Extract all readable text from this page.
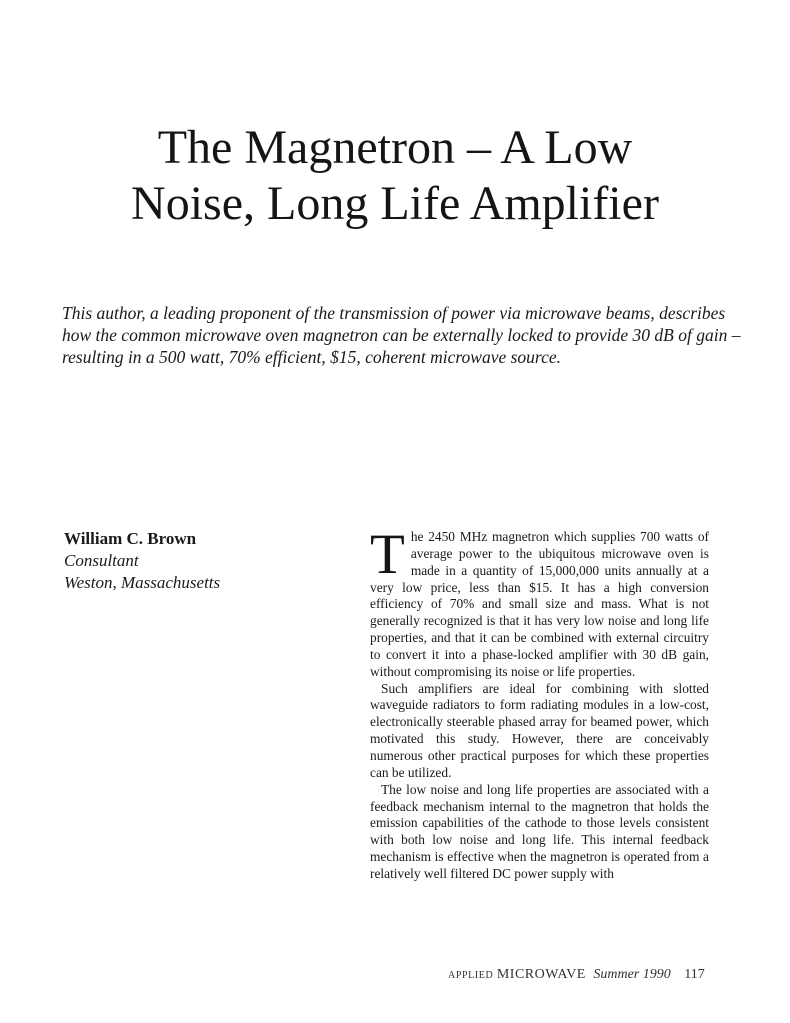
The Magnetron – A Low
Noise, Long Life Amplifier

This author, a leading proponent of the transmission of power via microwave beams, describes how the common microwave oven magnetron can be externally locked to provide 30 dB of gain – resulting in a 500 watt, 70% efficient, $15, coherent microwave source.

William C. Brown
Consultant
Weston, Massachusetts	The 2450 MHz magnetron which supplies 700 watts of average power to the ubiquitous microwave oven is made in a quantity of 15,000,000 units annually at a very low price, less than $15. It has a high conversion efficiency of 70% and small size and mass. What is not generally recognized is that it has very low noise and long life properties, and that it can be combined with external circuitry to convert it into a phase-locked amplifier with 30 dB gain, without compromising its noise or life properties.

Such amplifiers are ideal for combining with slotted waveguide radiators to form radiating modules in a low-cost, electronically steerable phased array for beamed power, which motivated this study. However, there are conceivably numerous other practical purposes for which these properties can be utilized.

The low noise and long life properties are associated with a feedback mechanism internal to the magnetron that holds the emission capabilities of the cathode to those levels consistent with both low noise and long life. This internal feedback mechanism is effective when the magnetron is operated from a relatively well filtered DC power supply with

APPLIED MICROWAVE Summer 1990 117
